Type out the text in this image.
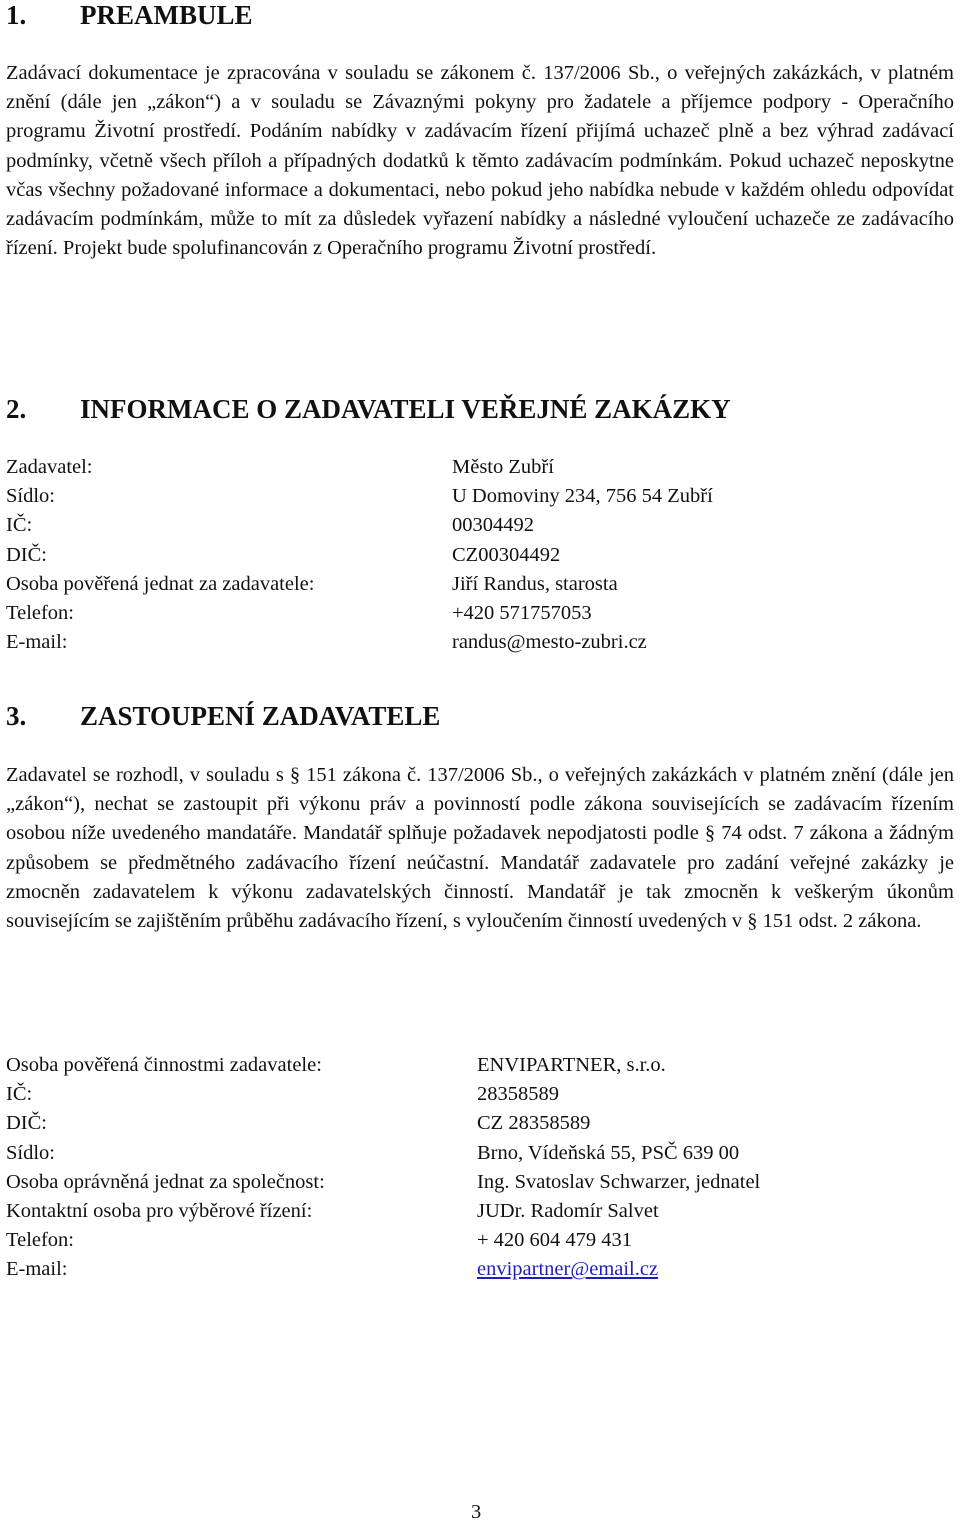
1. PREAMBULE

Zadávací dokumentace je zpracována v souladu se zákonem č. 137/2006 Sb., o veřejných zakázkách, v platném znění (dále jen „zákon“) a v souladu se Závaznými pokyny pro žadatele a příjemce podpory - Operačního programu Životní prostředí. Podáním nabídky v zadávacím řízení přijímá uchazeč plně a bez výhrad zadávací podmínky, včetně všech příloh a případných dodatků k těmto zadávacím podmínkám. Pokud uchazeč neposkytne včas všechny požadované informace a dokumentaci, nebo pokud jeho nabídka nebude v každém ohledu odpovídat zadávacím podmínkám, může to mít za důsledek vyřazení nabídky a následné vyloučení uchazeče ze zadávacího řízení. Projekt bude spolufinancován z Operačního programu Životní prostředí.

2. INFORMACE O ZADAVATELI VEŘEJNÉ ZAKÁZKY
Zadavatel:	Město Zubří
Sídlo:	U Domoviny 234, 756 54 Zubří
IČ:	00304492
DIČ:	CZ00304492
Osoba pověřená jednat za zadavatele:	Jiří Randus, starosta
Telefon:	+420 571757053
E-mail:	randus@mesto-zubri.cz
3. ZASTOUPENÍ ZADAVATELE

Zadavatel se rozhodl, v souladu s § 151 zákona č. 137/2006 Sb., o veřejných zakázkách v platném znění (dále jen „zákon“), nechat se zastoupit při výkonu práv a povinností podle zákona souvisejících se zadávacím řízením osobou níže uvedeného mandatáře. Mandatář splňuje požadavek nepodjatosti podle § 74 odst. 7 zákona a žádným způsobem se předmětného zadávacího řízení neúčastní. Mandatář zadavatele pro zadání veřejné zakázky je zmocněn zadavatelem k výkonu zadavatelských činností. Mandatář je tak zmocněn k veškerým úkonům souvisejícím se zajištěním průběhu zadávacího řízení, s vyloučením činností uvedených v § 151 odst. 2 zákona.

Osoba pověřená činnostmi zadavatele:	ENVIPARTNER, s.r.o.
IČ:	28358589
DIČ:	CZ 28358589
Sídlo:	Brno, Vídeňská 55, PSČ 639 00
Osoba oprávněná jednat za společnost:	Ing. Svatoslav Schwarzer, jednatel
Kontaktní osoba pro výběrové řízení:	JUDr. Radomír Salvet
Telefon:	+ 420 604 479 431
E-mail:	envipartner@email.cz
3
